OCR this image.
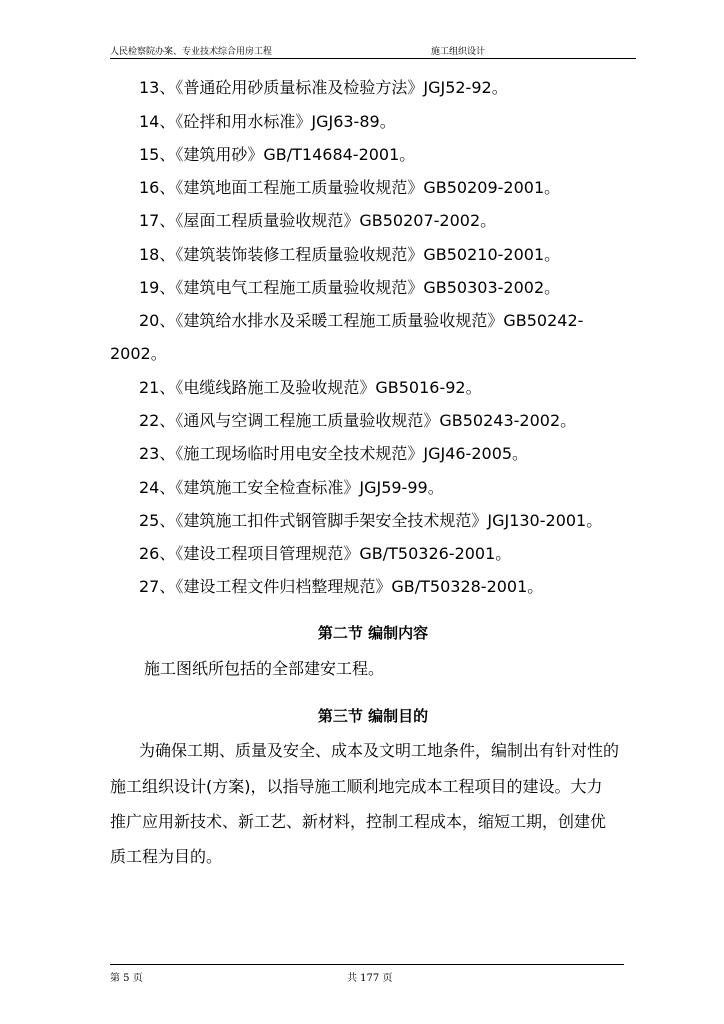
人民检察院办案、专业技术综合用房工程	施工组织设计
13、《普通砼用砂质量标准及检验方法》JGJ52-92。
14、《砼拌和用水标准》JGJ63-89。
15、《建筑用砂》GB/T14684-2001。
16、《建筑地面工程施工质量验收规范》GB50209-2001。
17、《屋面工程质量验收规范》GB50207-2002。
18、《建筑装饰装修工程质量验收规范》GB50210-2001。
19、《建筑电气工程施工质量验收规范》GB50303-2002。
20、《建筑给水排水及采暖工程施工质量验收规范》GB50242-
2002。
21、《电缆线路施工及验收规范》GB5016-92。
22、《通风与空调工程施工质量验收规范》GB50243-2002。
23、《施工现场临时用电安全技术规范》JGJ46-2005。
24、《建筑施工安全检查标准》JGJ59-99。
25、《建筑施工扣件式钢管脚手架安全技术规范》JGJ130-2001。
26、《建设工程项目管理规范》GB/T50326-2001。
27、《建设工程文件归档整理规范》GB/T50328-2001。
第二节 编制内容
施工图纸所包括的全部建安工程。
第三节 编制目的
为确保工期、质量及安全、成本及文明工地条件，编制出有针对性的
施工组织设计(方案)，以指导施工顺利地完成本工程项目的建设。大力
推广应用新技术、新工艺、新材料，控制工程成本，缩短工期，创建优
质工程为目的。
第 5 页	共 177 页
